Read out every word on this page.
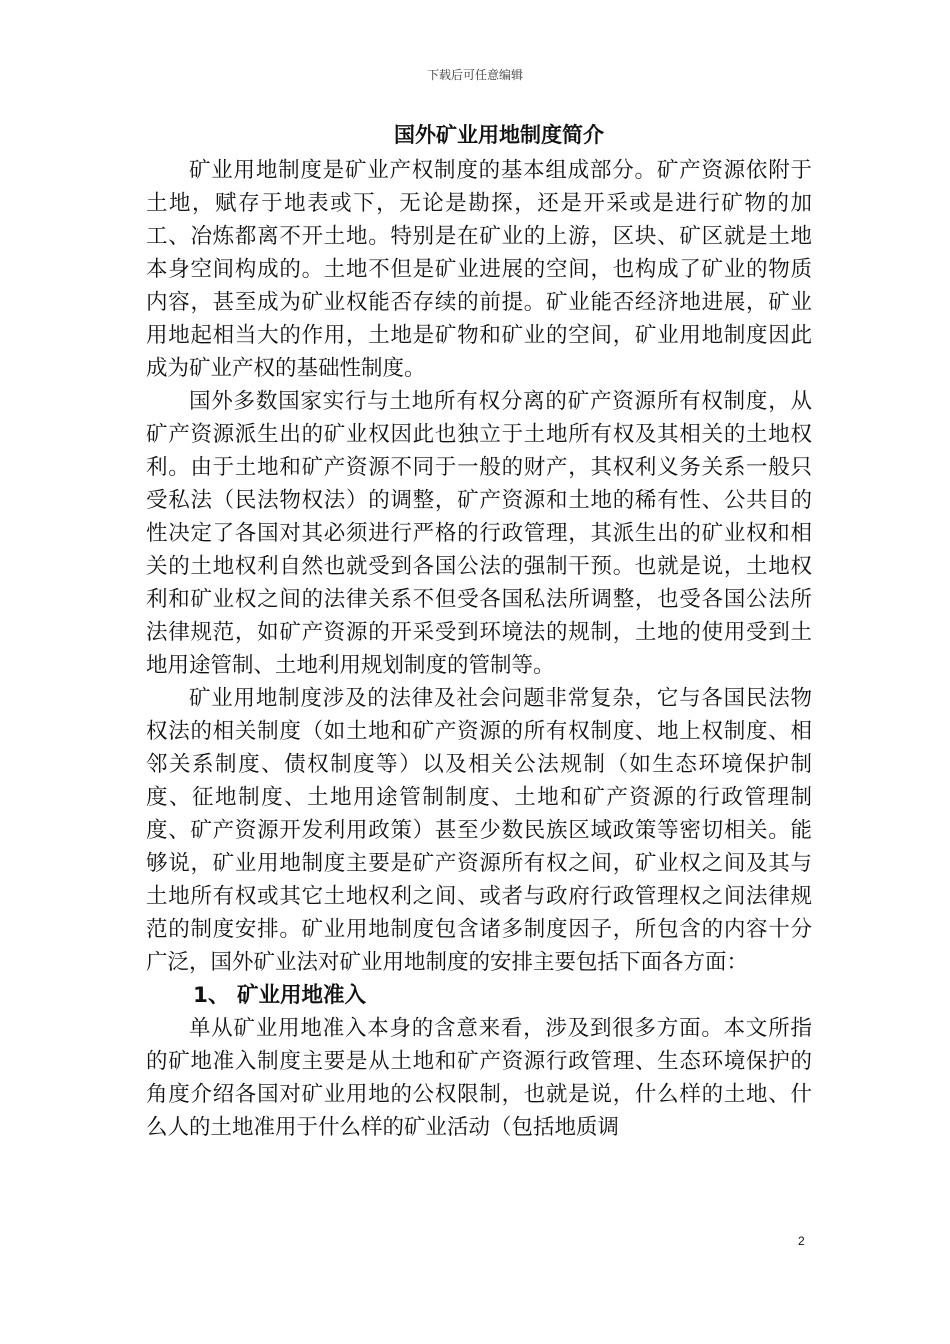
下载后可任意编辑
国外矿业用地制度简介

矿业用地制度是矿业产权制度的基本组成部分。矿产资源依附于土地，赋存于地表或下，无论是勘探，还是开采或是进行矿物的加工、冶炼都离不开土地。特别是在矿业的上游，区块、矿区就是土地本身空间构成的。土地不但是矿业进展的空间，也构成了矿业的物质内容，甚至成为矿业权能否存续的前提。矿业能否经济地进展，矿业用地起相当大的作用，土地是矿物和矿业的空间，矿业用地制度因此成为矿业产权的基础性制度。

国外多数国家实行与土地所有权分离的矿产资源所有权制度，从矿产资源派生出的矿业权因此也独立于土地所有权及其相关的土地权利。由于土地和矿产资源不同于一般的财产，其权利义务关系一般只受私法（民法物权法）的调整，矿产资源和土地的稀有性、公共目的性决定了各国对其必须进行严格的行政管理，其派生出的矿业权和相关的土地权利自然也就受到各国公法的强制干预。也就是说，土地权利和矿业权之间的法律关系不但受各国私法所调整，也受各国公法所法律规范，如矿产资源的开采受到环境法的规制，土地的使用受到土地用途管制、土地利用规划制度的管制等。

矿业用地制度涉及的法律及社会问题非常复杂，它与各国民法物权法的相关制度（如土地和矿产资源的所有权制度、地上权制度、相邻关系制度、债权制度等）以及相关公法规制（如生态环境保护制度、征地制度、土地用途管制制度、土地和矿产资源的行政管理制度、矿产资源开发利用政策）甚至少数民族区域政策等密切相关。能够说，矿业用地制度主要是矿产资源所有权之间，矿业权之间及其与土地所有权或其它土地权利之间、或者与政府行政管理权之间法律规范的制度安排。矿业用地制度包含诸多制度因子，所包含的内容十分广泛，国外矿业法对矿业用地制度的安排主要包括下面各方面：

1、 矿业用地准入

单从矿业用地准入本身的含意来看，涉及到很多方面。本文所指的矿地准入制度主要是从土地和矿产资源行政管理、生态环境保护的角度介绍各国对矿业用地的公权限制，也就是说，什么样的土地、什么人的土地准用于什么样的矿业活动（包括地质调

2
